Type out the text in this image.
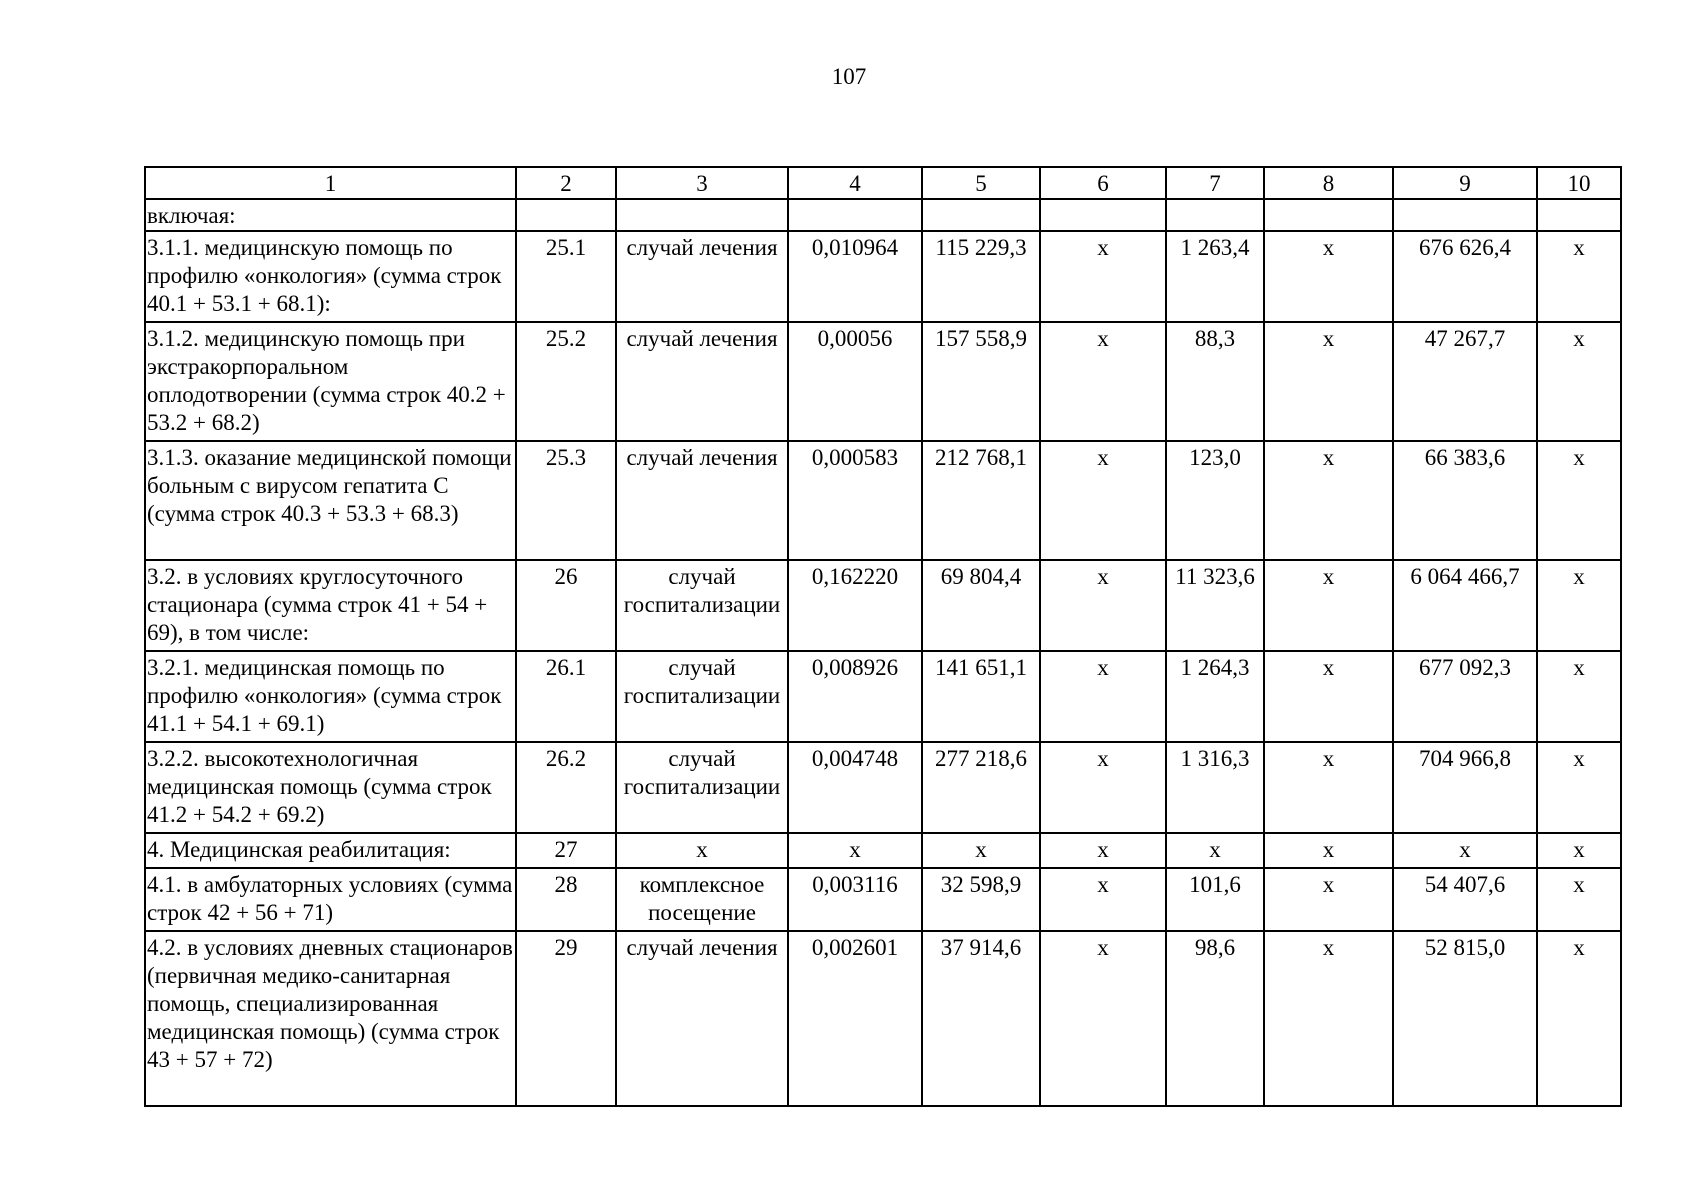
107
1	2	3	4	5	6	7	8	9	10
включая:									
3.1.1. медицинскую помощь по профилю «онкология» (сумма строк 40.1 + 53.1 + 68.1):	25.1	случай лечения	0,010964	115 229,3	х	1 263,4	х	676 626,4	х
3.1.2. медицинскую помощь при экстракорпоральном оплодотворении (сумма строк 40.2 + 53.2 + 68.2)	25.2	случай лечения	0,00056	157 558,9	х	88,3	х	47 267,7	х
3.1.3. оказание медицинской помощи больным с вирусом гепатита С (сумма строк 40.3 + 53.3 + 68.3)	25.3	случай лечения	0,000583	212 768,1	х	123,0	х	66 383,6	х
3.2. в условиях круглосуточного стационара (сумма строк 41 + 54 + 69), в том числе:	26	случай госпитализации	0,162220	69 804,4	х	11 323,6	х	6 064 466,7	х
3.2.1. медицинская помощь по профилю «онкология» (сумма строк 41.1 + 54.1 + 69.1)	26.1	случай госпитализации	0,008926	141 651,1	х	1 264,3	х	677 092,3	х
3.2.2. высокотехнологичная медицинская помощь (сумма строк 41.2 + 54.2 + 69.2)	26.2	случай госпитализации	0,004748	277 218,6	х	1 316,3	х	704 966,8	х
4. Медицинская реабилитация:	27	х	х	х	х	х	х	х	х
4.1. в амбулаторных условиях (сумма строк 42 + 56 + 71)	28	комплексное посещение	0,003116	32 598,9	х	101,6	х	54 407,6	х
4.2. в условиях дневных стационаров (первичная медико-санитарная помощь, специализированная медицинская помощь) (сумма строк 43 + 57 + 72)	29	случай лечения	0,002601	37 914,6	х	98,6	х	52 815,0	х
